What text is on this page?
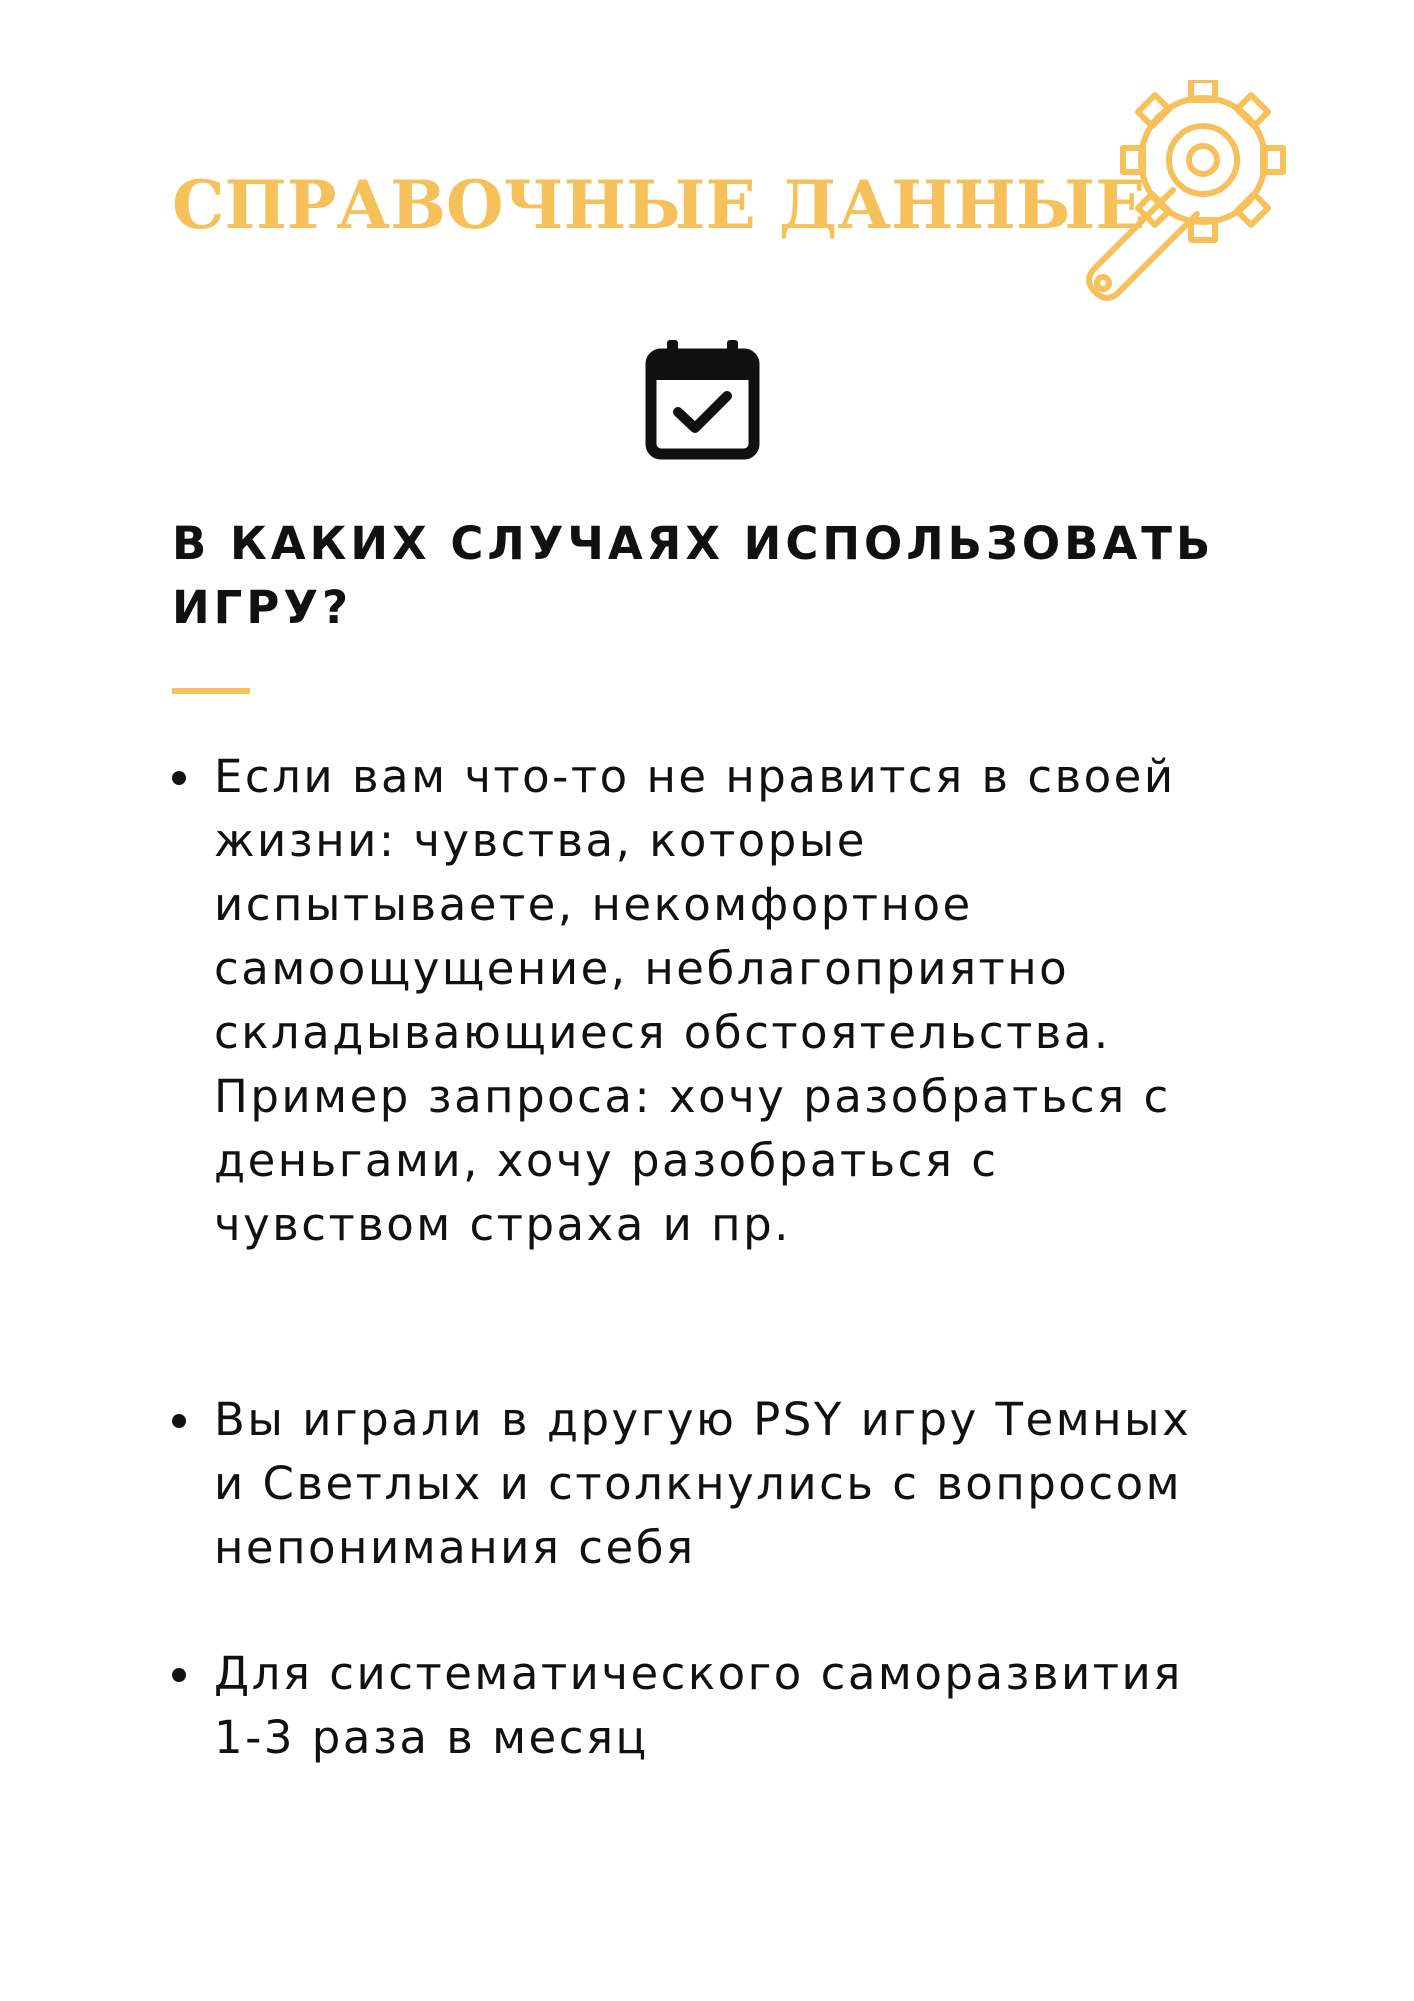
СПРАВОЧНЫЕ ДАННЫЕ
В КАКИХ СЛУЧАЯХ ИСПОЛЬЗОВАТЬ
ИГРУ?

Если вам что-то не нравится в своей
жизни: чувства, которые
испытываете, некомфортное
самоощущение, неблагоприятно
складывающиеся обстоятельства.
Пример запроса: хочу разобраться с
деньгами, хочу разобраться с
чувством страха и пр.

Вы играли в другую PSY игру Темных
и Светлых и столкнулись с вопросом
непонимания себя

Для систематического саморазвития
1-3 раза в месяц
